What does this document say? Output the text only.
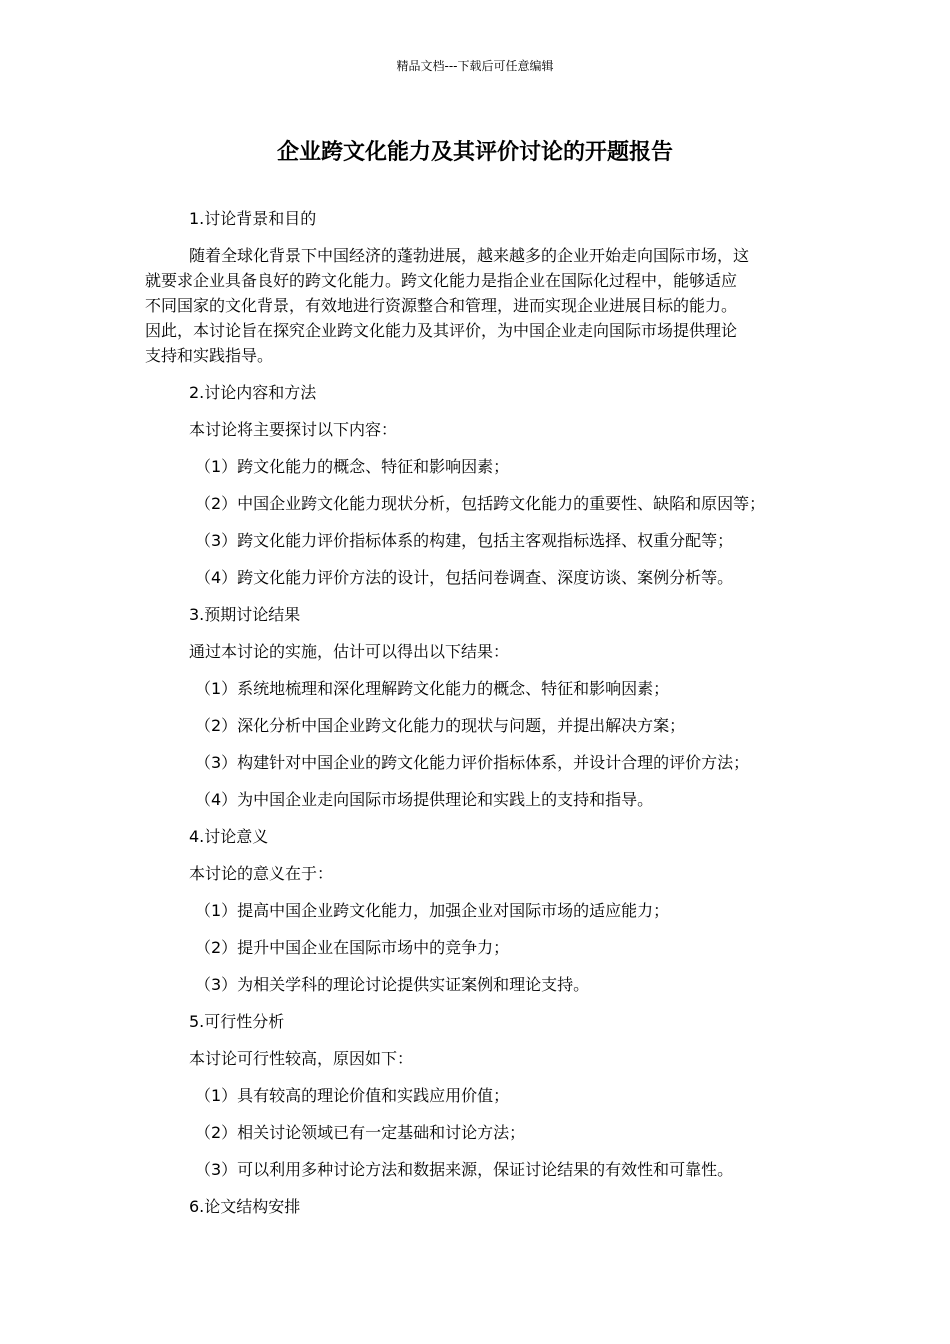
精品文档---下载后可任意编辑
企业跨文化能力及其评价讨论的开题报告
1.讨论背景和目的
随着全球化背景下中国经济的蓬勃进展，越来越多的企业开始走向国际市场，这
就要求企业具备良好的跨文化能力。跨文化能力是指企业在国际化过程中，能够适应
不同国家的文化背景，有效地进行资源整合和管理，进而实现企业进展目标的能力。
因此，本讨论旨在探究企业跨文化能力及其评价，为中国企业走向国际市场提供理论
支持和实践指导。
2.讨论内容和方法
本讨论将主要探讨以下内容：
（1）跨文化能力的概念、特征和影响因素；
（2）中国企业跨文化能力现状分析，包括跨文化能力的重要性、缺陷和原因等；
（3）跨文化能力评价指标体系的构建，包括主客观指标选择、权重分配等；
（4）跨文化能力评价方法的设计，包括问卷调查、深度访谈、案例分析等。
3.预期讨论结果
通过本讨论的实施，估计可以得出以下结果：
（1）系统地梳理和深化理解跨文化能力的概念、特征和影响因素；
（2）深化分析中国企业跨文化能力的现状与问题，并提出解决方案；
（3）构建针对中国企业的跨文化能力评价指标体系，并设计合理的评价方法；
（4）为中国企业走向国际市场提供理论和实践上的支持和指导。
4.讨论意义
本讨论的意义在于：
（1）提高中国企业跨文化能力，加强企业对国际市场的适应能力；
（2）提升中国企业在国际市场中的竞争力；
（3）为相关学科的理论讨论提供实证案例和理论支持。
5.可行性分析
本讨论可行性较高，原因如下：
（1）具有较高的理论价值和实践应用价值；
（2）相关讨论领域已有一定基础和讨论方法；
（3）可以利用多种讨论方法和数据来源，保证讨论结果的有效性和可靠性。
6.论文结构安排
